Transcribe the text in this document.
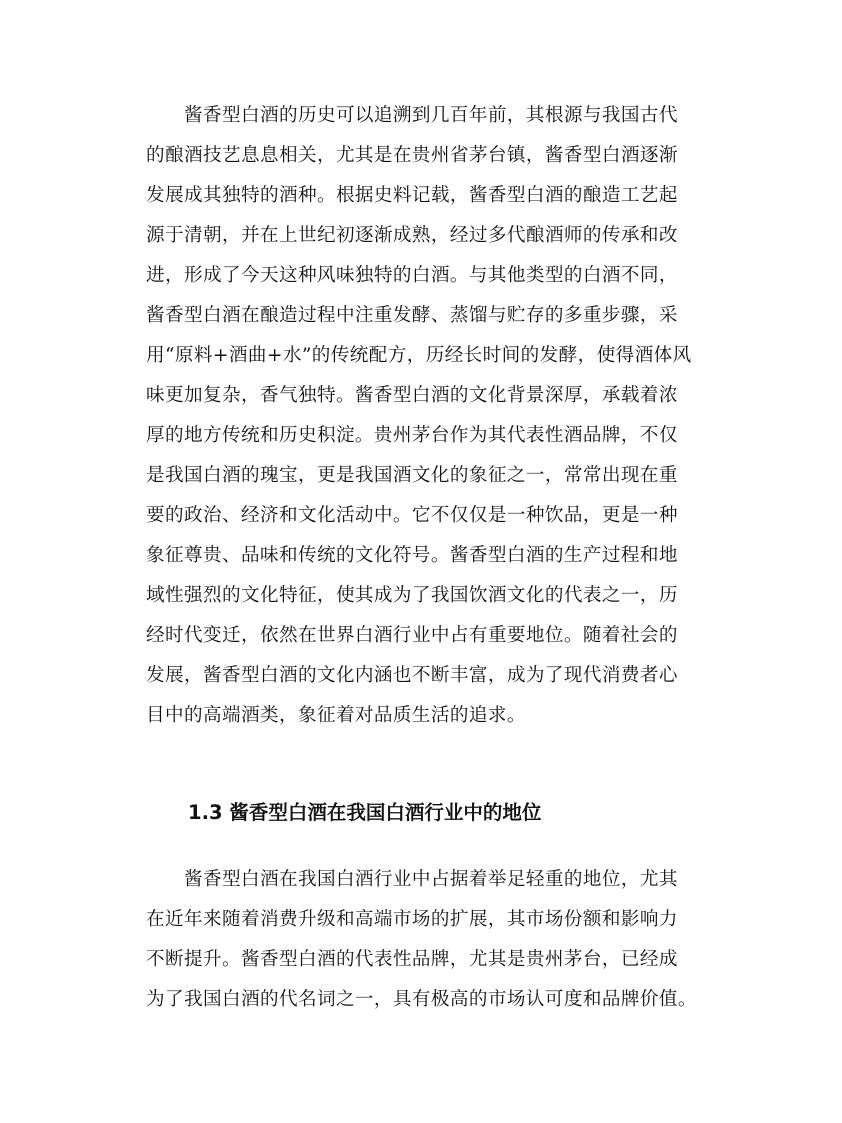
　　酱香型白酒的历史可以追溯到几百年前，其根源与我国古代
的酿酒技艺息息相关，尤其是在贵州省茅台镇，酱香型白酒逐渐
发展成其独特的酒种。根据史料记载，酱香型白酒的酿造工艺起
源于清朝，并在上世纪初逐渐成熟，经过多代酿酒师的传承和改
进，形成了今天这种风味独特的白酒。与其他类型的白酒不同，
酱香型白酒在酿造过程中注重发酵、蒸馏与贮存的多重步骤，采
用“原料+酒曲+水”的传统配方，历经长时间的发酵，使得酒体风
味更加复杂，香气独特。酱香型白酒的文化背景深厚，承载着浓
厚的地方传统和历史积淀。贵州茅台作为其代表性酒品牌，不仅
是我国白酒的瑰宝，更是我国酒文化的象征之一，常常出现在重
要的政治、经济和文化活动中。它不仅仅是一种饮品，更是一种
象征尊贵、品味和传统的文化符号。酱香型白酒的生产过程和地
域性强烈的文化特征，使其成为了我国饮酒文化的代表之一，历
经时代变迁，依然在世界白酒行业中占有重要地位。随着社会的
发展，酱香型白酒的文化内涵也不断丰富，成为了现代消费者心
目中的高端酒类，象征着对品质生活的追求。
1.3 酱香型白酒在我国白酒行业中的地位
　　酱香型白酒在我国白酒行业中占据着举足轻重的地位，尤其
在近年来随着消费升级和高端市场的扩展，其市场份额和影响力
不断提升。酱香型白酒的代表性品牌，尤其是贵州茅台，已经成
为了我国白酒的代名词之一，具有极高的市场认可度和品牌价值。
